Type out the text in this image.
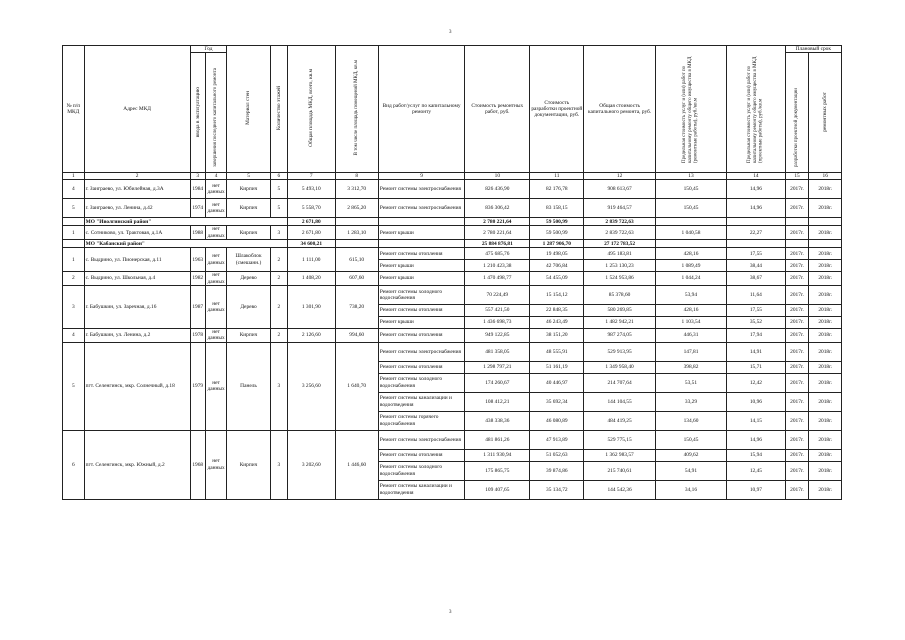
3
№ п/п МКД	Адрес МКД	Год		Материал стен	Количество этажей	Общая площадь МКД, всего, кв.м	В том числе площадь помещений МКД, кв.м	Вид работ/услуг по капитальному ремонту	Стоимость ремонтных работ, руб.	Стоимость разработки проектной документации, руб.	Общая стоимость капитального ремонта, руб.	Предельная стоимость услуг и (или) работ по капитальному ремонту общего имущества в МКД (ремонтные работы), руб./кв.м	Предельная стоимость услуг и (или) работ по капитальному ремонту общего имущества в МКД (проектные работы), руб./кв.м	Плановый срок	
		ввода в эксплуатацию	завершения последнего капитального ремонта											разработки проектной документации	ремонтных работ
1	2	3	4	5	6	7	8	9	10	11	12	13	14	15	16
4	г. Заиграево, ул. Юбилейная, д.3А	1984	нет данных	Кирпич	5	5 493,10	3 312,70	Ремонт системы электроснабжения	826 436,90	82 176,78	908 613,67	150,45	14,96	2017г.	2018г.
5	г. Заиграево, ул. Ленина, д.42	1974	нет данных	Кирпич	5	5 558,70	2 865,20	Ремонт системы электроснабжения	836 306,42	83 158,15	919 464,57	150,45	14,96	2017г.	2018г.
	МО "Иволгинский район"					2 671,80			2 780 221,64	59 500,99	2 839 722,63				
1	с. Сотниково, ул. Трактовая, д.1А	1988	нет данных	Кирпич	3	2 671,80	1 283,10	Ремонт крыши	2 780 221,64	59 500,99	2 839 722,63	1 040,58	22,27	2017г.	2018г.
	МО "Кабанский район"					34 600,21			25 884 876,81	1 287 906,70	27 172 783,52				
1	с. Выдрино, ул. Пионерская, д.11	1963	нет данных	Шлакоблок (смешанн.)	2	1 111,00	615,10	Ремонт системы отопления	475 685,76	19 498,05	495 183,81	428,16	17,55	2017г.	2018г.
								Ремонт крыши	1 210 423,38	42 706,84	1 253 130,23	1 089,49	38,44	2017г.	2018г.
2	с. Выдрино, ул. Школьная, д.4	1982	нет данных	Дерево	2	1 408,20	607,60	Ремонт крыши	1 470 498,77	54 455,09	1 524 953,86	1 044,24	38,67	2017г.	2018г.
3	г. Бабушкин, ул. Заречная, д.16	1987	нет данных	Дерево	2	1 301,90	738,20	Ремонт системы холодного водоснабжения	70 224,49	15 154,12	85 378,60	53,94	11,64	2017г.	2018г.
								Ремонт системы отопления	557 421,50	22 848,35	580 269,85	428,16	17,55	2017г.	2018г.
								Ремонт крыши	1 436 698,73	46 243,49	1 482 942,21	1 103,54	35,52	2017г.	2018г.
4	г. Бабушкин, ул. Ленина, д.2	1978	нет данных	Кирпич	2	2 126,60	994,60	Ремонт системы отопления	949 122,85	38 151,20	987 274,05	446,31	17,94	2017г.	2018г.
5	пгт. Селенгинск, мкр. Солнечный, д.18	1979	нет данных	Панель	3	3 256,60	1 640,70	Ремонт системы электроснабжения	481 358,05	48 555,91	529 913,95	147,81	14,91	2017г.	2018г.
								Ремонт системы отопления	1 298 797,21	51 161,19	1 349 958,40	398,82	15,71	2017г.	2018г.
								Ремонт системы холодного водоснабжения	174 260,67	40 446,97	214 707,64	53,51	12,42	2017г.	2018г.
								Ремонт системы канализации и водоотведения	108 412,21	35 692,34	144 104,55	33,29	10,96	2017г.	2018г.
								Ремонт системы горячего водоснабжения	438 338,36	46 080,89	484 419,25	134,60	14,15	2017г.	2018г.
6	пгт. Селенгинск, мкр. Южный, д.2	1968	нет данных	Кирпич	3	3 202,60	1 446,60	Ремонт системы электроснабжения	481 861,26	47 913,89	529 775,15	150,45	14,96	2017г.	2018г.
								Ремонт системы отопления	1 311 930,94	51 052,63	1 362 983,57	409,62	15,94	2017г.	2018г.
								Ремонт системы холодного водоснабжения	175 865,75	39 874,86	215 740,61	54,91	12,45	2017г.	2018г.
								Ремонт системы канализации и водоотведения	109 407,65	35 134,72	144 542,36	34,16	10,97	2017г.	2018г.
3
